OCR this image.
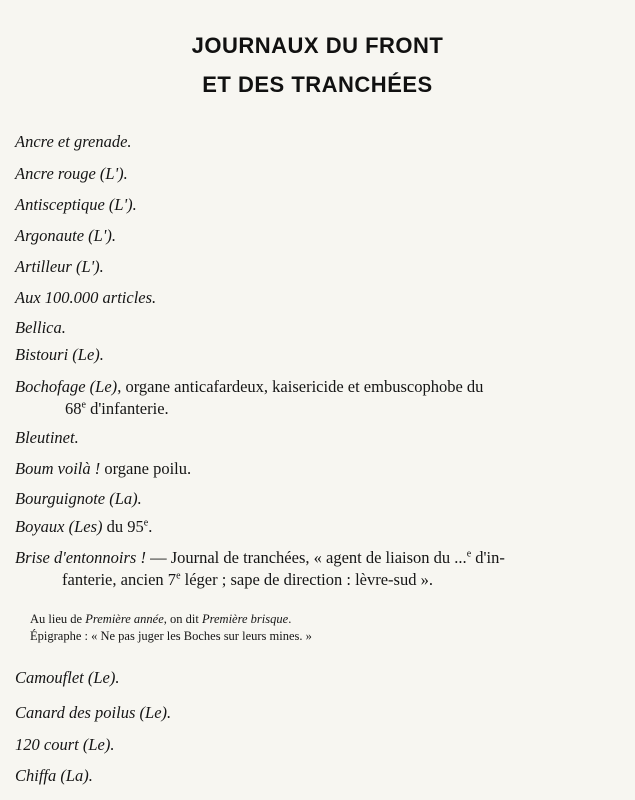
JOURNAUX DU FRONT
ET DES TRANCHÉES
Ancre et grenade.
Ancre rouge (L').
Antisceptique (L').
Argonaute (L').
Artilleur (L').
Aux 100.000 articles.
Bellica.
Bistouri (Le).
Bochofage (Le), organe anticafardeux, kaisericide et embuscophobe du
68e d'infanterie.
Bleutinet.
Boum voilà ! organe poilu.
Bourguignote (La).
Boyaux (Les) du 95e.
Brise d'entonnoirs ! — Journal de tranchées, « agent de liaison du ...$^e$ d'in-
fanterie, ancien 7e léger ; sape de direction : lèvre-sud ».
Au lieu de Première année, on dit Première brisque.
Épigraphe : « Ne pas juger les Boches sur leurs mines. »
Camouflet (Le).
Canard des poilus (Le).
120 court (Le).
Chiffa (La).
